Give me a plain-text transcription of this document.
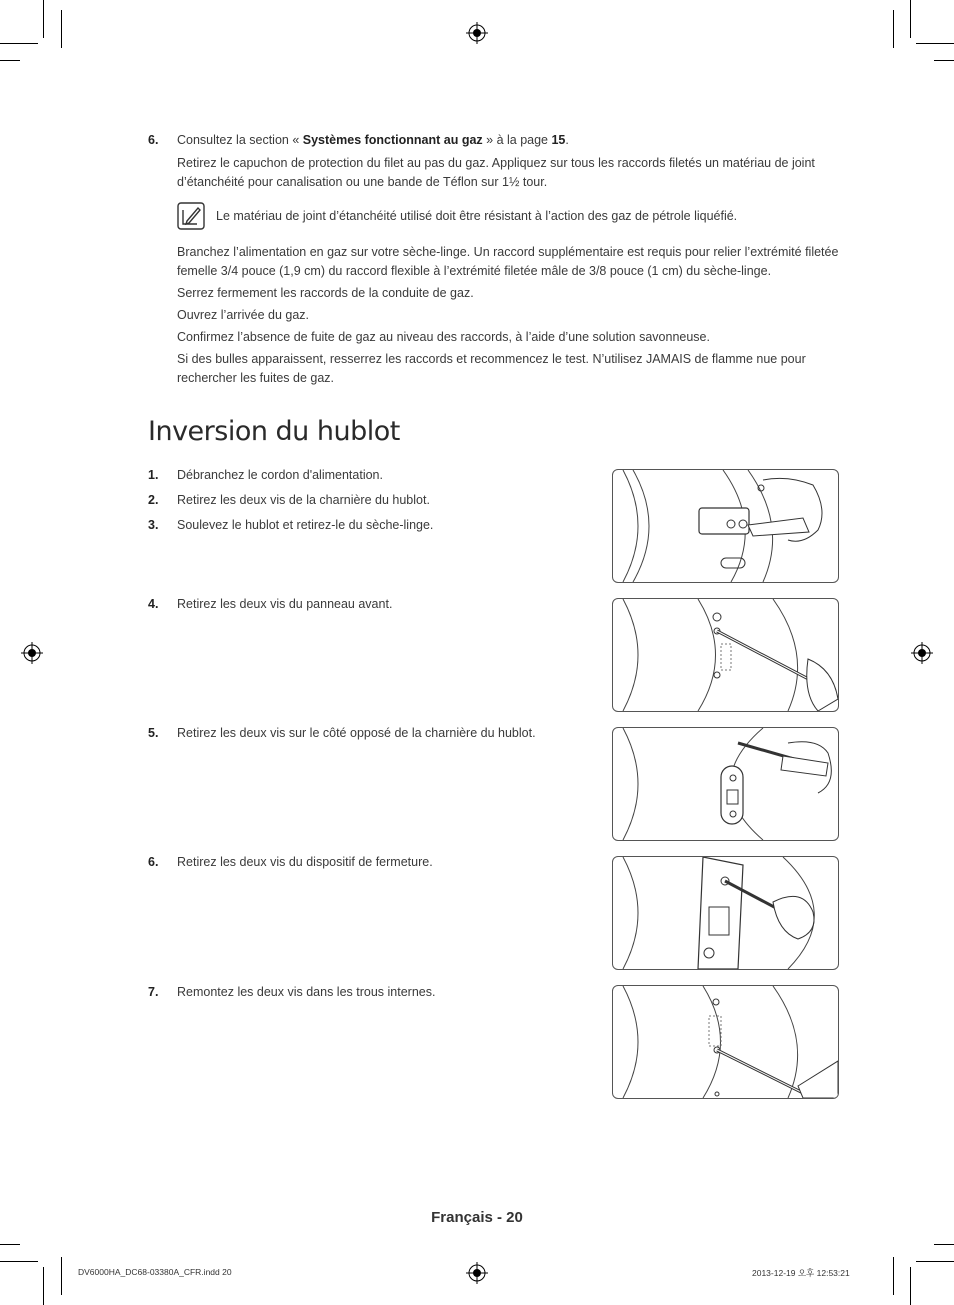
6. Consultez la section « Systèmes fonctionnant au gaz » à la page 15.
Retirez le capuchon de protection du filet au pas du gaz. Appliquez sur tous les raccords filetés un matériau de joint d’étanchéité pour canalisation ou une bande de Téflon sur 1½ tour.
Le matériau de joint d’étanchéité utilisé doit être résistant à l’action des gaz de pétrole liquéfié.

Branchez l’alimentation en gaz sur votre sèche-linge. Un raccord supplémentaire est requis pour relier l’extrémité filetée femelle 3/4 pouce (1,9 cm) du raccord flexible à l’extrémité filetée mâle de 3/8 pouce (1 cm) du sèche-linge.

Serrez fermement les raccords de la conduite de gaz.

Ouvrez l’arrivée du gaz.

Confirmez l’absence de fuite de gaz au niveau des raccords, à l’aide d’une solution savonneuse.

Si des bulles apparaissent, resserrez les raccords et recommencez le test. N’utilisez JAMAIS de flamme nue pour rechercher les fuites de gaz.

Inversion du hublot
1. Débranchez le cordon d'alimentation.
2. Retirez les deux vis de la charnière du hublot.
3. Soulevez le hublot et retirez-le du sèche-linge.
4. Retirez les deux vis du panneau avant.
5. Retirez les deux vis sur le côté opposé de la charnière du hublot.
6. Retirez les deux vis du dispositif de fermeture.
7. Remontez les deux vis dans les trous internes.
Français - 20
DV6000HA_DC68-03380A_CFR.indd 20	2013-12-19 오후 12:53:21
